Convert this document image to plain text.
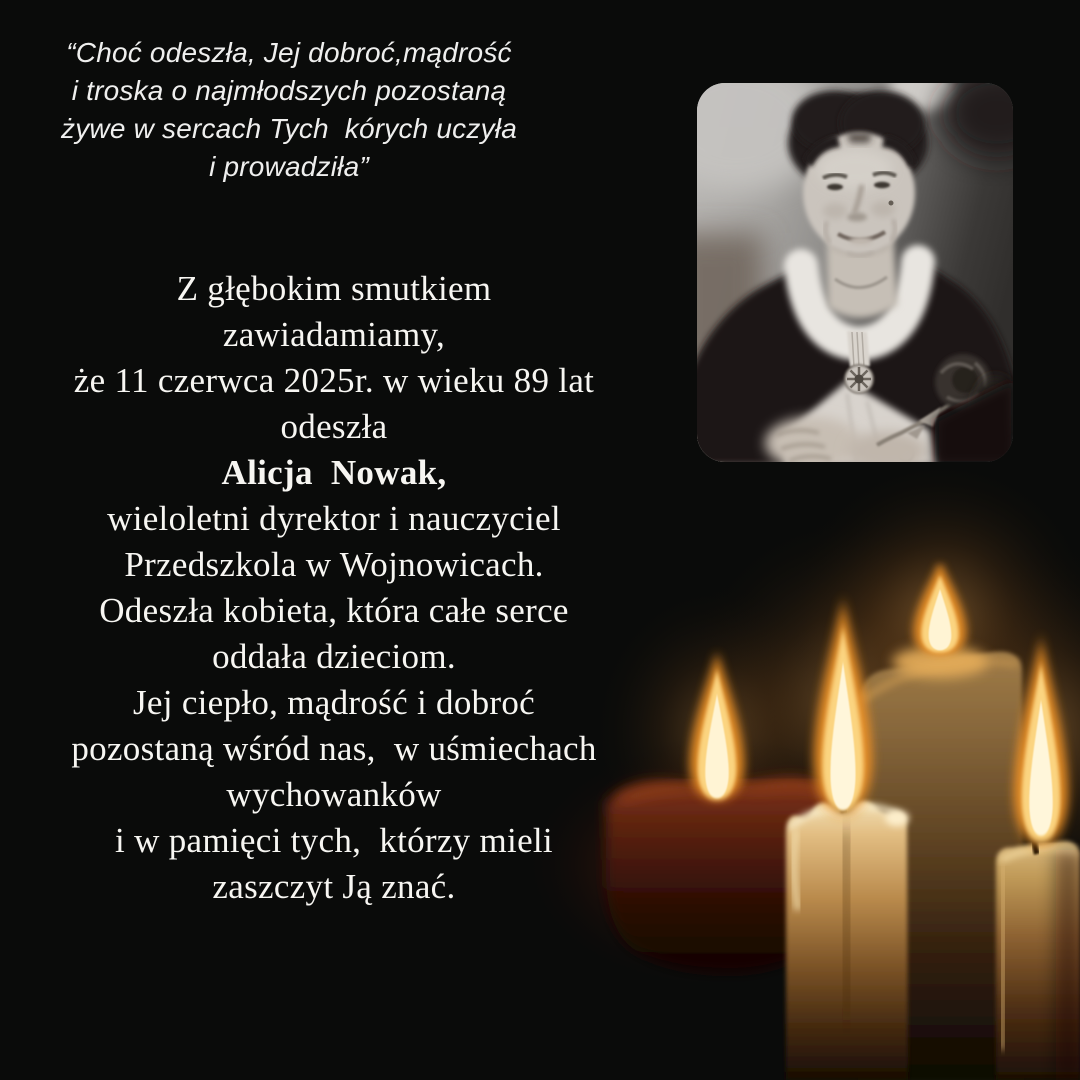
“Choć odeszła, Jej dobroć,mądrość
i troska o najmłodszych pozostaną
żywe w sercach Tych  kórych uczyła
i prowadziła”
Z głębokim smutkiem
zawiadamiamy,
że 11 czerwca 2025r. w wieku 89 lat
odeszła
Alicja  Nowak,
wieloletni dyrektor i nauczyciel
Przedszkola w Wojnowicach.
Odeszła kobieta, która całe serce
oddała dzieciom.
Jej ciepło, mądrość i dobroć
pozostaną wśród nas,  w uśmiechach
wychowanków
i w pamięci tych,  którzy mieli
zaszczyt Ją znać.
